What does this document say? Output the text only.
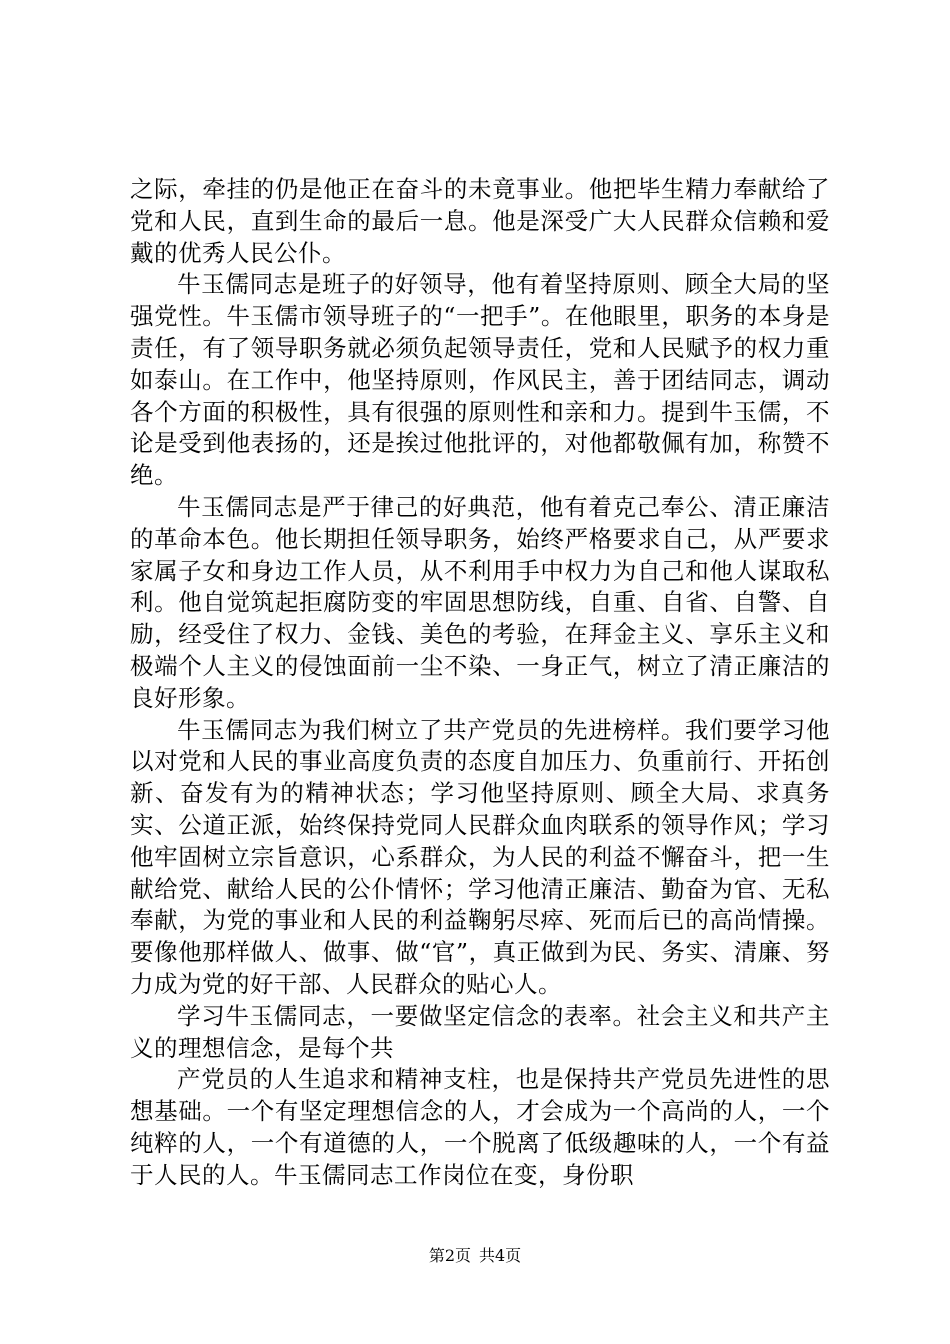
之际，牵挂的仍是他正在奋斗的未竟事业。他把毕生精力奉献给了党和人民，直到生命的最后一息。他是深受广大人民群众信赖和爱戴的优秀人民公仆。

牛玉儒同志是班子的好领导，他有着坚持原则、顾全大局的坚强党性。牛玉儒市领导班子的“一把手”。在他眼里，职务的本身是责任，有了领导职务就必须负起领导责任，党和人民赋予的权力重如泰山。在工作中，他坚持原则，作风民主，善于团结同志，调动各个方面的积极性，具有很强的原则性和亲和力。提到牛玉儒，不论是受到他表扬的，还是挨过他批评的，对他都敬佩有加，称赞不绝。

牛玉儒同志是严于律己的好典范，他有着克己奉公、清正廉洁的革命本色。他长期担任领导职务，始终严格要求自己，从严要求家属子女和身边工作人员，从不利用手中权力为自己和他人谋取私利。他自觉筑起拒腐防变的牢固思想防线，自重、自省、自警、自励，经受住了权力、金钱、美色的考验，在拜金主义、享乐主义和极端个人主义的侵蚀面前一尘不染、一身正气，树立了清正廉洁的良好形象。

牛玉儒同志为我们树立了共产党员的先进榜样。我们要学习他以对党和人民的事业高度负责的态度自加压力、负重前行、开拓创新、奋发有为的精神状态；学习他坚持原则、顾全大局、求真务实、公道正派，始终保持党同人民群众血肉联系的领导作风；学习他牢固树立宗旨意识，心系群众，为人民的利益不懈奋斗，把一生献给党、献给人民的公仆情怀；学习他清正廉洁、勤奋为官、无私奉献，为党的事业和人民的利益鞠躬尽瘁、死而后已的高尚情操。要像他那样做人、做事、做“官”，真正做到为民、务实、清廉、努力成为党的好干部、人民群众的贴心人。

学习牛玉儒同志，一要做坚定信念的表率。社会主义和共产主义的理想信念，是每个共

产党员的人生追求和精神支柱，也是保持共产党员先进性的思想基础。一个有坚定理想信念的人，才会成为一个高尚的人，一个纯粹的人，一个有道德的人，一个脱离了低级趣味的人，一个有益于人民的人。牛玉儒同志工作岗位在变，身份职

第2页 共4页
